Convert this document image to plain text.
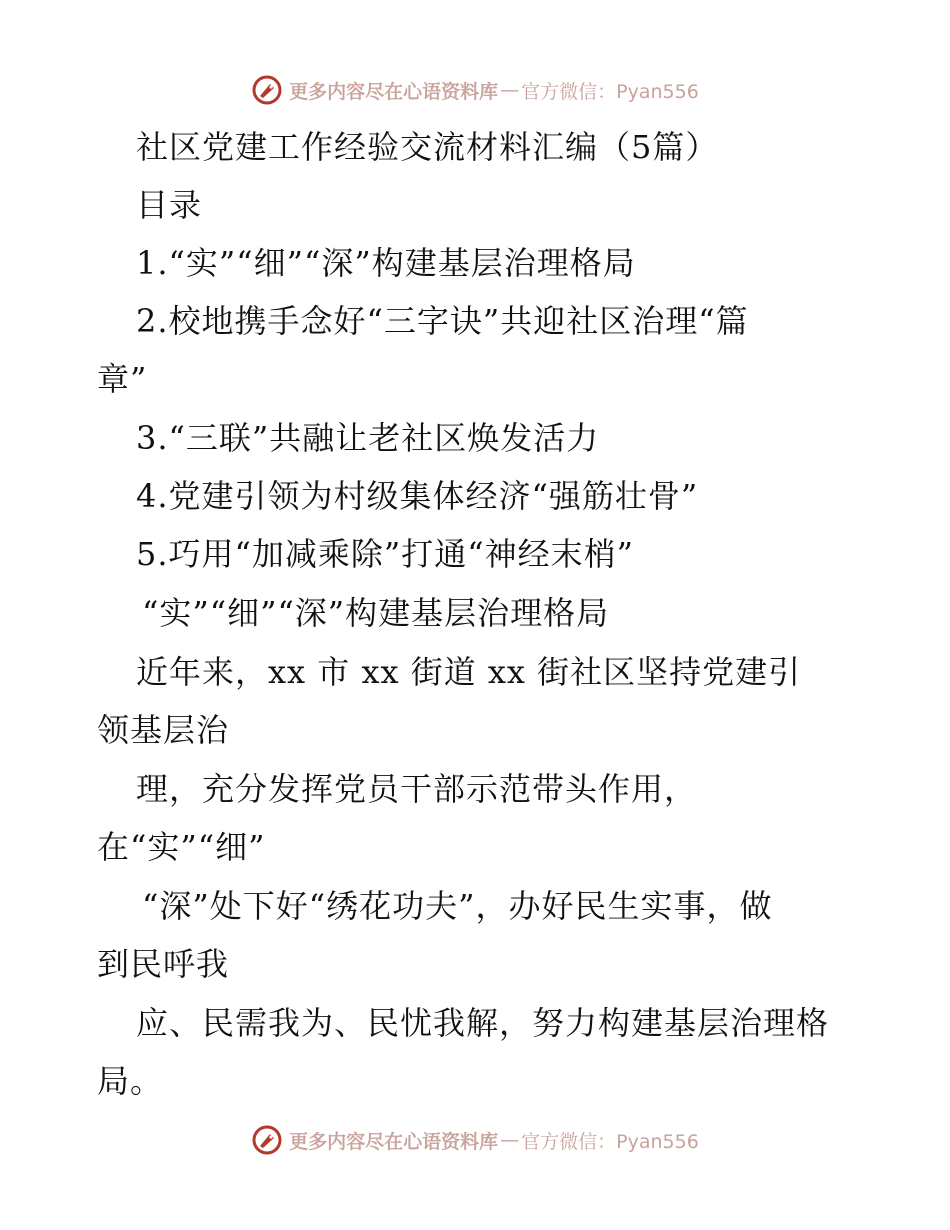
更多内容尽在心语资料库 — 官方微信：Pyan556
社区党建工作经验交流材料汇编（5篇）
目录
1.“实”“细”“深”构建基层治理格局
2.校地携手念好“三字诀”共迎社区治理“篇
章”
3.“三联”共融让老社区焕发活力
4.党建引领为村级集体经济“强筋壮骨”
5.巧用“加减乘除”打通“神经末梢”
“实”“细”“深”构建基层治理格局
近年来，xx 市 xx 街道 xx 街社区坚持党建引
领基层治
理，充分发挥党员干部示范带头作用，
在“实”“细”
“深”处下好“绣花功夫”，办好民生实事，做
到民呼我
应、民需我为、民忧我解，努力构建基层治理格
局。
更多内容尽在心语资料库 — 官方微信：Pyan556
